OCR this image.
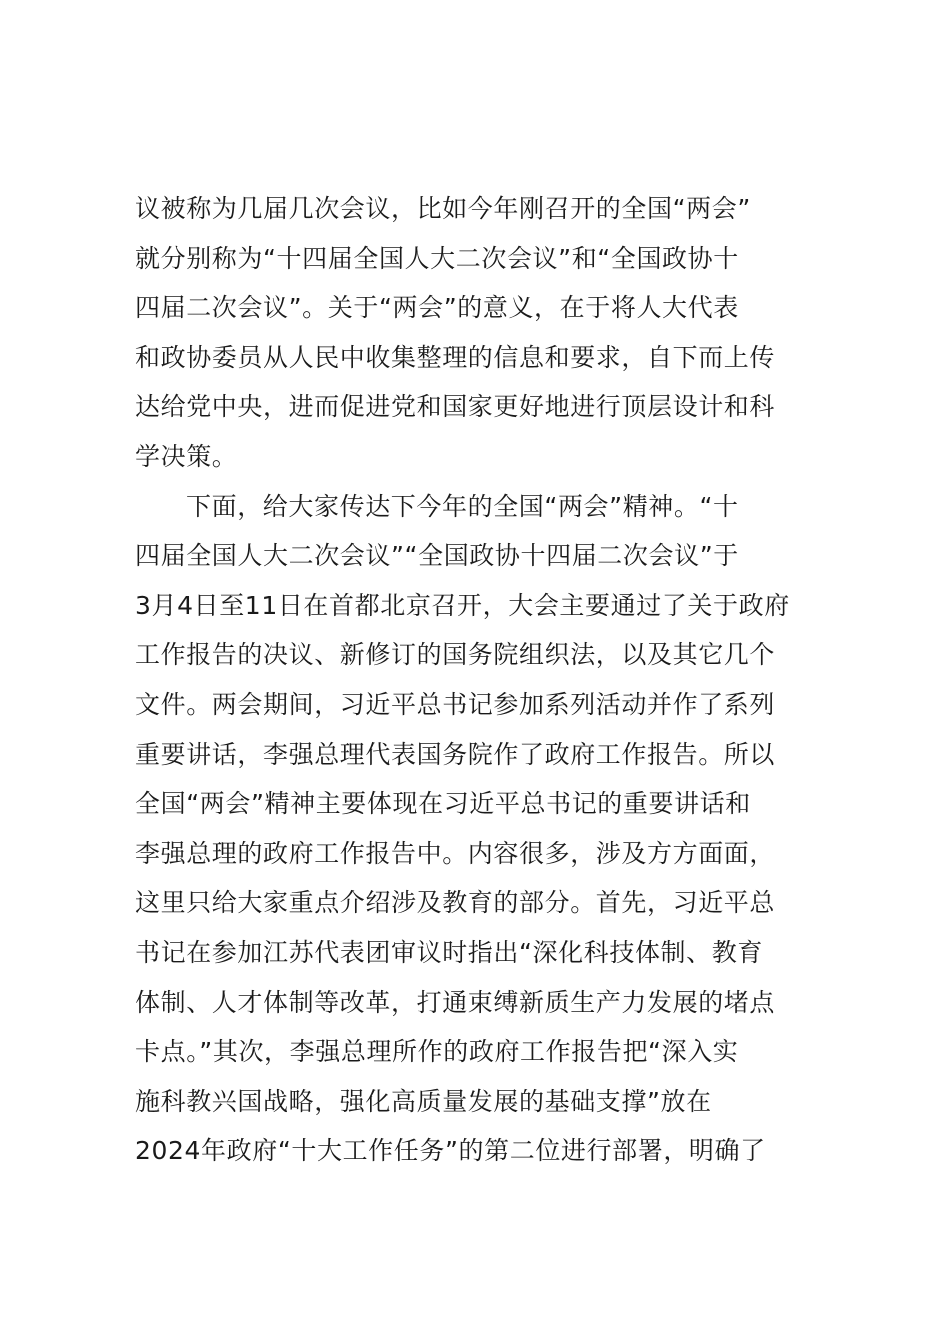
议被称为几届几次会议，比如今年刚召开的全国“两会”
就分别称为“十四届全国人大二次会议”和“全国政协十
四届二次会议”。关于“两会”的意义，在于将人大代表
和政协委员从人民中收集整理的信息和要求，自下而上传
达给党中央，进而促进党和国家更好地进行顶层设计和科
学决策。
下面，给大家传达下今年的全国“两会”精神。“十
四届全国人大二次会议”“全国政协十四届二次会议”于
3月4日至11日在首都北京召开，大会主要通过了关于政府
工作报告的决议、新修订的国务院组织法，以及其它几个
文件。两会期间，习近平总书记参加系列活动并作了系列
重要讲话，李强总理代表国务院作了政府工作报告。所以
全国“两会”精神主要体现在习近平总书记的重要讲话和
李强总理的政府工作报告中。内容很多，涉及方方面面，
这里只给大家重点介绍涉及教育的部分。首先，习近平总
书记在参加江苏代表团审议时指出“深化科技体制、教育
体制、人才体制等改革，打通束缚新质生产力发展的堵点
卡点。”其次，李强总理所作的政府工作报告把“深入实
施科教兴国战略，强化高质量发展的基础支撑”放在
2024年政府“十大工作任务”的第二位进行部署，明确了
